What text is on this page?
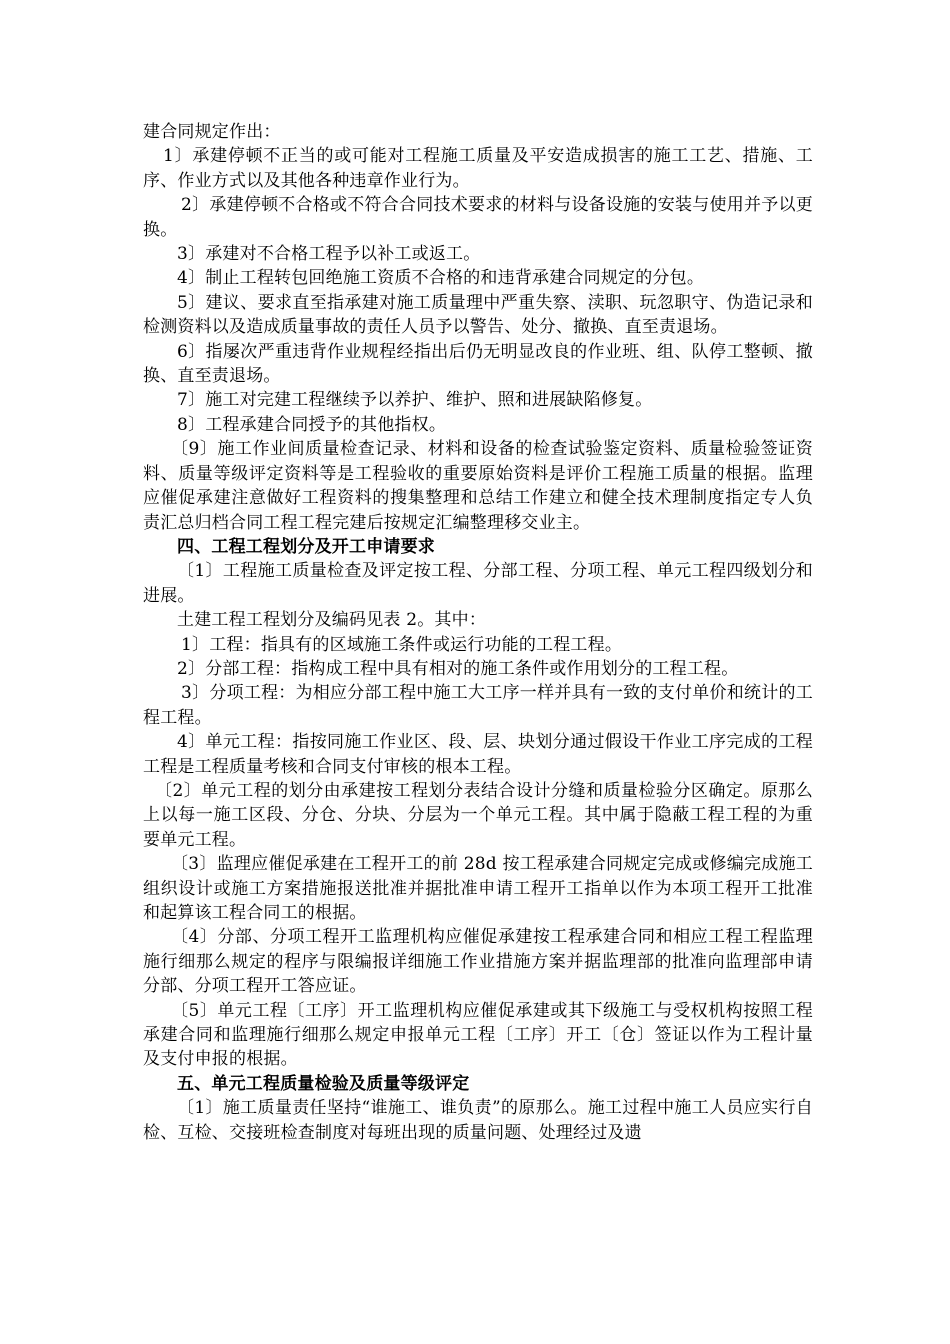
建合同规定作出：

1〕承建停顿不正当的或可能对工程施工质量及平安造成损害的施工工艺、措施、工序、作业方式以及其他各种违章作业行为。

2〕承建停顿不合格或不符合合同技术要求的材料与设备设施的安装与使用并予以更换。

3〕承建对不合格工程予以补工或返工。

4〕制止工程转包回绝施工资质不合格的和违背承建合同规定的分包。

5〕建议、要求直至指承建对施工质量理中严重失察、渎职、玩忽职守、伪造记录和检测资料以及造成质量事故的责任人员予以警告、处分、撤换、直至责退场。

6〕指屡次严重违背作业规程经指出后仍无明显改良的作业班、组、队停工整顿、撤换、直至责退场。

7〕施工对完建工程继续予以养护、维护、照和进展缺陷修复。

8〕工程承建合同授予的其他指权。

〔9〕施工作业间质量检查记录、材料和设备的检查试验鉴定资料、质量检验签证资料、质量等级评定资料等是工程验收的重要原始资料是评价工程施工质量的根据。监理应催促承建注意做好工程资料的搜集整理和总结工作建立和健全技术理制度指定专人负责汇总归档合同工程工程完建后按规定汇编整理移交业主。

四、工程工程划分及开工申请要求

〔1〕工程施工质量检查及评定按工程、分部工程、分项工程、单元工程四级划分和进展。

土建工程工程划分及编码见表 2。其中：

1〕工程：指具有的区域施工条件或运行功能的工程工程。

2〕分部工程：指构成工程中具有相对的施工条件或作用划分的工程工程。

3〕分项工程：为相应分部工程中施工大工序一样并具有一致的支付单价和统计的工程工程。

4〕单元工程：指按同施工作业区、段、层、块划分通过假设干作业工序完成的工程工程是工程质量考核和合同支付审核的根本工程。

〔2〕单元工程的划分由承建按工程划分表结合设计分缝和质量检验分区确定。原那么上以每一施工区段、分仓、分块、分层为一个单元工程。其中属于隐蔽工程工程的为重要单元工程。

〔3〕监理应催促承建在工程开工的前 28d 按工程承建合同规定完成或修编完成施工组织设计或施工方案措施报送批准并据批准申请工程开工指单以作为本项工程开工批准和起算该工程合同工的根据。

〔4〕分部、分项工程开工监理机构应催促承建按工程承建合同和相应工程工程监理施行细那么规定的程序与限编报详细施工作业措施方案并据监理部的批准向监理部申请分部、分项工程开工答应证。

〔5〕单元工程〔工序〕开工监理机构应催促承建或其下级施工与受权机构按照工程承建合同和监理施行细那么规定申报单元工程〔工序〕开工〔仓〕签证以作为工程计量及支付申报的根据。

五、单元工程质量检验及质量等级评定

〔1〕施工质量责任坚持“谁施工、谁负责”的原那么。施工过程中施工人员应实行自检、互检、交接班检查制度对每班出现的质量问题、处理经过及遗
